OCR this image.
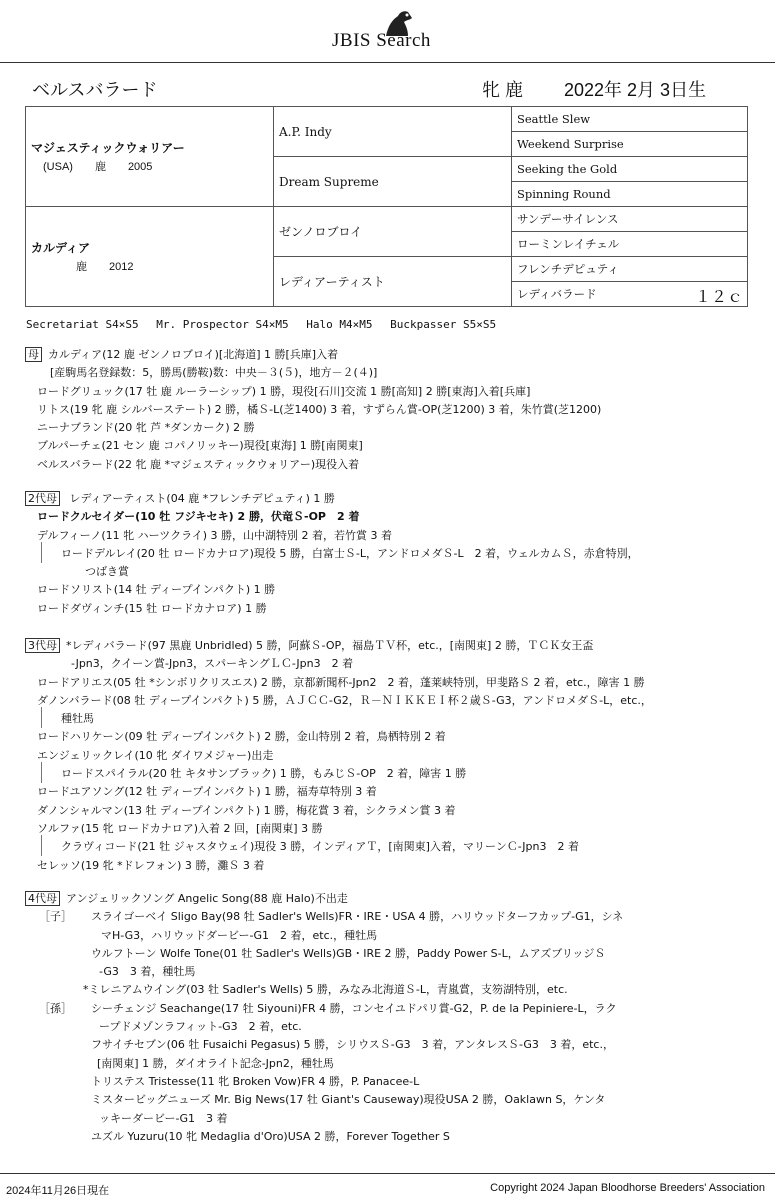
JBIS Search
ベルスバラード	牝 鹿 2022年 2月 3日生
マジェスティックウォリアー
(USA)　　鹿　　2005	A.P. Indy	Seattle Slew
		Weekend Surprise
	Dream Supreme	Seeking the Gold
		Spinning Round

カルディア
　　　鹿　　2012	ゼンノロブロイ	サンデーサイレンス
		ローミンレイチェル
	レディアーティスト	フレンチデピュティ
		レディバラード １２ｃ
Secretariat S4×S5　 Mr. Prospector S4×M5　 Halo M4×M5　 Buckpasser S5×S5
母 カルディア(12 鹿 ゼンノロブロイ)[北海道] 1 勝[兵庫]入着
　[産駒馬名登録数：5，勝馬(勝鞍)数：中央－３(５)，地方－２(４)]
ロードグリュック(17 牡 鹿 ルーラーシップ) 1 勝，現役[石川]交流 1 勝[高知] 2 勝[東海]入着[兵庫]
リトス(19 牝 鹿 シルバーステート) 2 勝，橘Ｓ-L(芝1400) 3 着，すずらん賞-OP(芝1200) 3 着，朱竹賞(芝1200)
ニーナブランド(20 牝 芦 *ダンカーク) 2 勝
ブルパーチェ(21 セン 鹿 コパノリッキー)現役[東海] 1 勝[南関東]
ベルスバラード(22 牝 鹿 *マジェスティックウォリアー)現役入着
2代母 レディアーティスト(04 鹿 *フレンチデピュティ) 1 勝
ロードクルセイダー(10 牡 フジキセキ) 2 勝，伏竜Ｓ-OP　2 着
デルフィーノ(11 牝 ハーツクライ) 3 勝，山中湖特別 2 着，若竹賞 3 着
ロードデルレイ(20 牡 ロードカナロア)現役 5 勝，白富士Ｓ-L，アンドロメダＳ-L　2 着，ウェルカムＳ，赤倉特別，
つばき賞
ロードソリスト(14 牡 ディープインパクト) 1 勝
ロードダヴィンチ(15 牡 ロードカナロア) 1 勝
3代母 *レディバラード(97 黒鹿 Unbridled) 5 勝，阿蘇Ｓ-OP，福島ＴＶ杯，etc.，[南関東] 2 勝，ＴＣＫ女王盃
-Jpn3，クイーン賞-Jpn3，スパーキングＬＣ-Jpn3　2 着
ロードアリエス(05 牡 *シンボリクリスエス) 2 勝，京都新聞杯-Jpn2　2 着，蓬莱峡特別，甲斐路Ｓ 2 着，etc.，障害 1 勝
ダノンバラード(08 牡 ディープインパクト) 5 勝，ＡＪＣＣ-G2，Ｒ－ＮＩＫＫＥＩ杯２歳Ｓ-G3，アンドロメダＳ-L，etc.，
種牡馬
ロードハリケーン(09 牡 ディープインパクト) 2 勝，金山特別 2 着，鳥栖特別 2 着
エンジェリックレイ(10 牝 ダイワメジャー)出走
ロードスパイラル(20 牡 キタサンブラック) 1 勝，もみじＳ-OP　2 着，障害 1 勝
ロードユアソング(12 牡 ディープインパクト) 1 勝，福寿草特別 3 着
ダノンシャルマン(13 牡 ディープインパクト) 1 勝，梅花賞 3 着，シクラメン賞 3 着
ソルファ(15 牝 ロードカナロア)入着 2 回，[南関東] 3 勝
クラヴィコード(21 牡 ジャスタウェイ)現役 3 勝，インディアＴ，[南関東]入着，マリーンＣ-Jpn3　2 着
セレッソ(19 牝 *ドレフォン) 3 勝，灘Ｓ 3 着
4代母 アンジェリックソング Angelic Song(88 鹿 Halo)不出走
［子］ スライゴーベイ Sligo Bay(98 牡 Sadler's Wells)FR・IRE・USA 4 勝，ハリウッドターフカップ-G1，シネ
マH-G3，ハリウッドダービー-G1　2 着，etc.，種牡馬
ウルフトーン Wolfe Tone(01 牡 Sadler's Wells)GB・IRE 2 勝，Paddy Power S-L，ムアズブリッジＳ
-G3　3 着，種牡馬
*ミレニアムウイング(03 牡 Sadler's Wells) 5 勝，みなみ北海道Ｓ-L，青嵐賞，支笏湖特別，etc.
［孫］ シーチェンジ Seachange(17 牡 Siyouni)FR 4 勝，コンセイユドパリ賞-G2，P. de la Pepiniere-L，ラク
ープドメゾンラフィット-G3　2 着，etc.
フサイチセブン(06 牡 Fusaichi Pegasus) 5 勝，シリウスＳ-G3　3 着，アンタレスＳ-G3　3 着，etc.，
[南関東] 1 勝，ダイオライト記念-Jpn2，種牡馬
トリステス Tristesse(11 牝 Broken Vow)FR 4 勝，P. Panacee-L
ミスタービッグニューズ Mr. Big News(17 牡 Giant's Causeway)現役USA 2 勝，Oaklawn S，ケンタ
ッキーダービー-G1　3 着
ユズル Yuzuru(10 牝 Medaglia d'Oro)USA 2 勝，Forever Together S
2024年11月26日現在	Copyright 2024 Japan Bloodhorse Breeders' Association
